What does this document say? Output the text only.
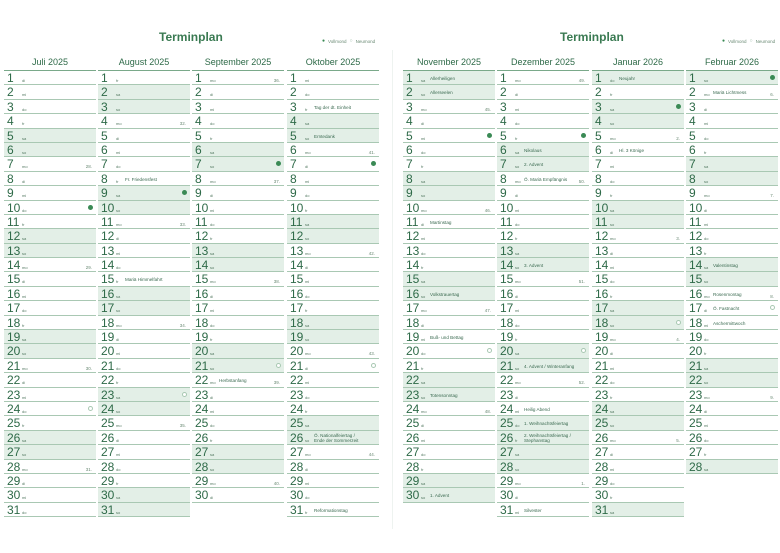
Terminplan	● Vollmond ○ Neumond	Terminplan	● Vollmond ○ Neumond
Juli 2025
1 di
2 mi
3 do
4 fr
5 sa
6 so
7 mo	28.
8 di
9 mi
10 do
11 fr
12 sa
13 so
14 mo	29.
15 di
16 mi
17 do
18 fr
19 sa
20 so
21 mo	30.
22 di
23 mi
24 do
25 fr
26 sa
27 so
28 mo	31.
29 di
30 mi
31 do
August 2025
1 fr
2 sa
3 so
4 mo	32.
5 di
6 mi
7 do
8 fr Fr. Friedensfest
9 sa
10 so
11 mo	33.
12 di
13 mi
14 do
15 fr Mariä Himmelfahrt
16 sa
17 so
18 mo	34.
19 di
20 mi
21 do
22 fr
23 sa
24 so
25 mo	35.
26 di
27 mi
28 do
29 fr
30 sa
31 so
September 2025
1 mo	36.
2 di
3 mi
4 do
5 fr
6 sa
7 so
8 mo	37.
9 di
10 mi
11 do
12 fr
13 sa
14 so
15 mo	38.
16 di
17 mi
18 do
19 fr
20 sa
21 so
22 mo Herbstanfang	39.
23 di
24 mi
25 do
26 fr
27 sa
28 so
29 mo	40.
30 di
Oktober 2025
1 mi
2 do
3 fr Tag der dt. Einheit
4 sa
5 so Erntedank
6 mo	41.
7 di
8 mi
9 do
10 fr
11 sa
12 so
13 mo	42.
14 di
15 mi
16 do
17 fr
18 sa
19 so
20 mo	43.
21 di
22 mi
23 do
24 fr
25 sa
26 so
Ö. Nationalfeiertag / Ende der Sommerzeit
27 mo	44.
28 di
29 mi
30 do
31 fr Reformationstag
November 2025
1 sa Allerheiligen
2 so Allerseelen
3 mo	45.
4 di
5 mi
6 do
7 fr
8 sa
9 so
10 mo	46.
11 di Martinstag
12 mi
13 do
14 fr
15 sa
16 so Volkstrauertag
17 mo	47.
18 di
19 mi Buß- und Bettag
20 do
21 fr
22 sa
23 so Totensonntag
24 mo	48.
25 di
26 mi
27 do
28 fr
29 sa
30 so 1. Advent
Dezember 2025
1 mo	49.
2 di
3 mi
4 do
5 fr
6 sa Nikolaus
7 so 2. Advent
8 mo Ö. Mariä Empfängnis	50.
9 di
10 mi
11 do
12 fr
13 sa
14 so 3. Advent
15 mo	51.
16 di
17 mi
18 do
19 fr
20 sa
21 so 4. Advent / Winteranfang
22 mo	52.
23 di
24 mi Heilig Abend
25 do 1. Weihnachtsfeiertag
26 fr
2. Weihnachtsfeiertag / Stephanstag
27 sa
28 so
29 mo	1.
30 di
31 mi Silvester
Januar 2026
1 do Neujahr
2 fr
3 sa
4 so
5 mo	2.
6 di Hl. 3 Könige
7 mi
8 do
9 fr
10 sa
11 so
12 mo	3.
13 di
14 mi
15 do
16 fr
17 sa
18 so
19 mo	4.
20 di
21 mi
22 do
23 fr
24 sa
25 so
26 mo	5.
27 di
28 mi
29 do
30 fr
31 sa
Februar 2026
1 so
2 mo Mariä Lichtmess	6.
3 di
4 mi
5 do
6 fr
7 sa
8 so
9 mo	7.
10 di
11 mi
12 do
13 fr
14 sa Valentinstag
15 so
16 mo Rosenmontag	8.
17 di Ö. Fastnacht
18 mi Aschermittwoch
19 do
20 fr
21 sa
22 so
23 mo	9.
24 di
25 mi
26 do
27 fr
28 sa
